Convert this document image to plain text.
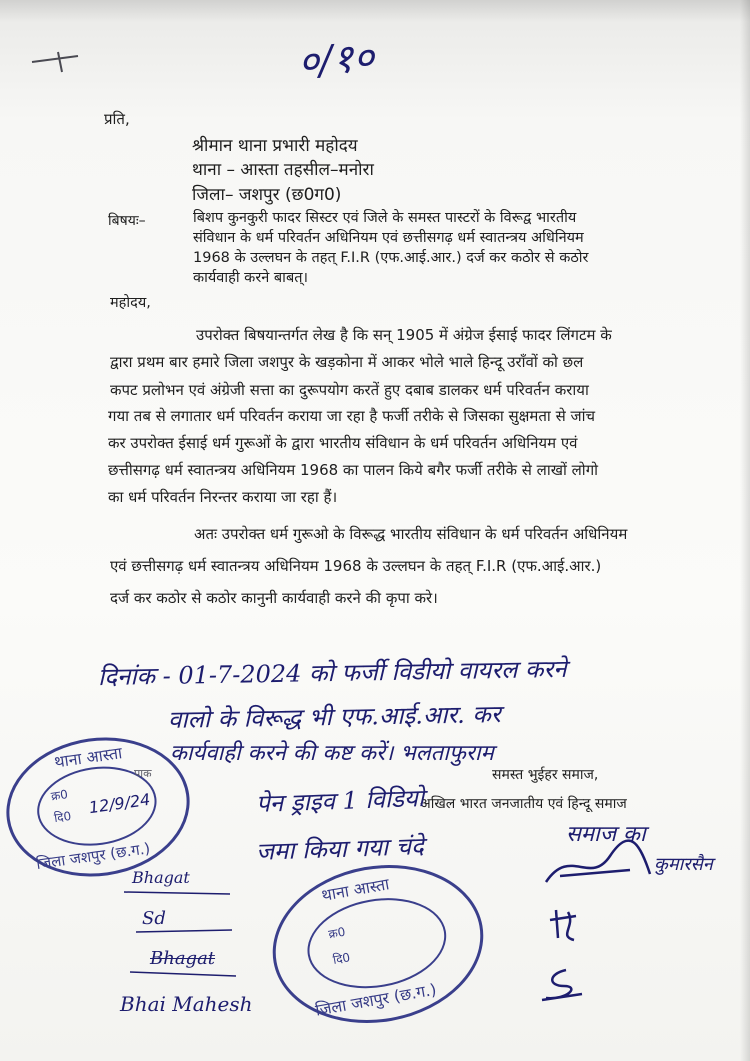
०/१०
प्रति,
श्रीमान थाना प्रभारी महोदय
थाना – आस्ता तहसील–मनोरा
जिला– जशपुर (छ0ग0)
बिषयः–	बिशप कुनकुरी फादर सिस्टर एवं जिले के समस्त पास्टरों के विरूद्व भारतीय
संविधान के धर्म परिवर्तन अधिनियम एवं छत्तीसगढ़ धर्म स्वातन्त्रय अधिनियम
1968 के उल्लघन के तहत् F.I.R (एफ.आई.आर.) दर्ज कर कठोर से कठोर
कार्यवाही करने बाबत्।
महोदय,
उपरोक्त बिषयान्तर्गत लेख है कि सन् 1905 में अंग्रेज ईसाई फादर लिंगटम के
द्वारा प्रथम बार हमारे जिला जशपुर के खड़कोना में आकर भोले भाले हिन्दू उराँवों को छल
कपट प्रलोभन एवं अंग्रेजी सत्ता का दुरूपयोग करतें हुए दबाब डालकर धर्म परिवर्तन कराया
गया तब से लगातार धर्म परिवर्तन कराया जा रहा है फर्जी तरीके से जिसका सुक्षमता से जांच
कर उपरोक्त ईसाई धर्म गुरूओं के द्वारा भारतीय संविधान के धर्म परिवर्तन अधिनियम एवं
छत्तीसगढ़ धर्म स्वातन्त्रय अधिनियम 1968 का पालन किये बगैर फर्जी तरीके से लाखों लोगो
का धर्म परिवर्तन निरन्तर कराया जा रहा हैं।
अतः उपरोक्त धर्म गुरूओ के विरूद्ध भारतीय संविधान के धर्म परिवर्तन अधिनियम
एवं छत्तीसगढ़ धर्म स्वातन्त्रय अधिनियम 1968 के उल्लघन के तहत् F.I.R (एफ.आई.आर.)
दर्ज कर कठोर से कठोर कानुनी कार्यवाही करने की कृपा करे।
दिनांक - 01-7-2024 को फर्जी विडीयो वायरल करने
वालो के विरूद्ध भी एफ.आई.आर. कर
कार्यवाही करने की कष्ट करें। भलताफुराम
समस्त भुईहर समाज,
अखिल भारत जनजातीय एवं हिन्दू समाज
समाज का
पेन ड्राइव 1 विडियो
जमा किया गया चंदे	कुमारसैन
Bhagat
Sd
Bhagat
Bhai Mahesh
थाना आस्ता
क्र0
दि0 12/9/24
जिला जशपुर (छ.ग.)
पाक
थाना आस्ता
क्र0
दि0
जिला जशपुर (छ.ग.)
